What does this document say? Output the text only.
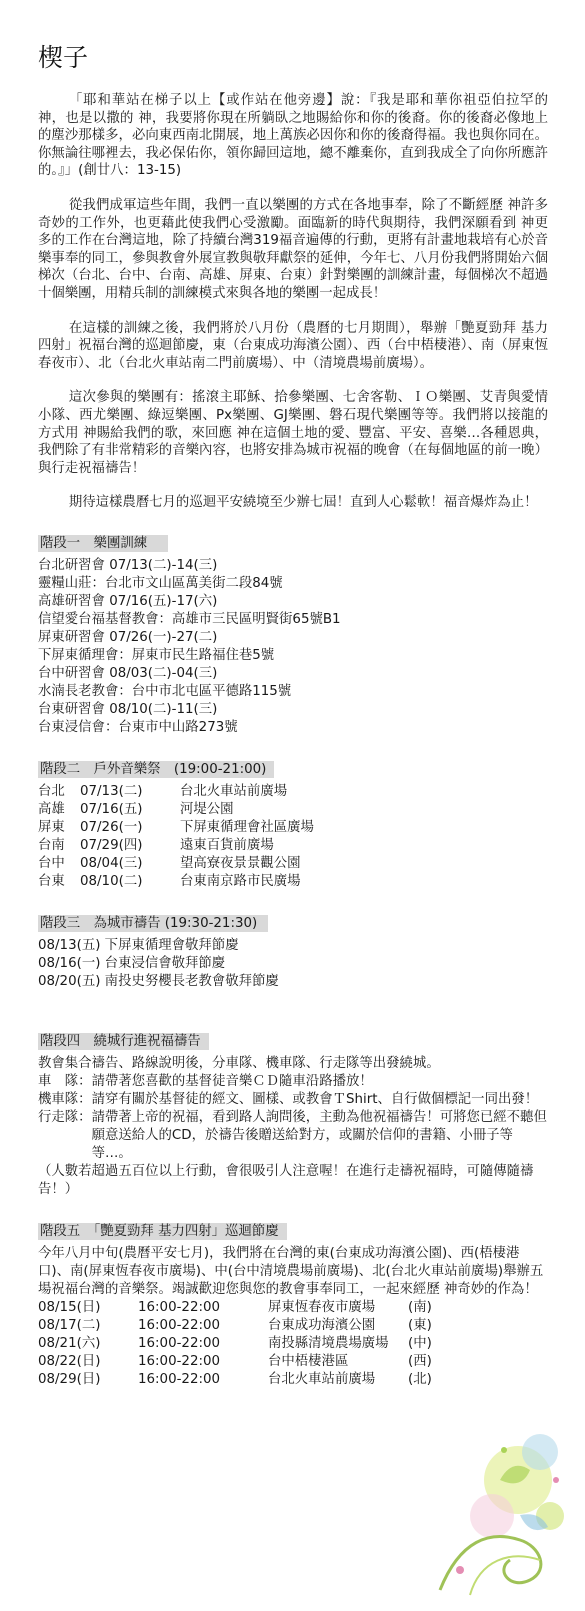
楔子

「耶和華站在梯子以上【或作站在他旁邊】說：『我是耶和華你祖亞伯拉罕的 神，也是以撒的 神，我要將你現在所躺臥之地賜給你和你的後裔。你的後裔必像地上的塵沙那樣多，必向東西南北開展，地上萬族必因你和你的後裔得福。我也與你同在。你無論往哪裡去，我必保佑你，領你歸回這地，總不離棄你，直到我成全了向你所應許的。』」(創廿八：13-15)

從我們成軍這些年間，我們一直以樂團的方式在各地事奉，除了不斷經歷 神許多奇妙的工作外，也更藉此使我們心受激勵。面臨新的時代與期待，我們深願看到 神更多的工作在台灣這地，除了持續台灣319福音遍傳的行動，更將有計畫地栽培有心於音樂事奉的同工，參與教會外展宣教與敬拜獻祭的延伸，今年七、八月份我們將開始六個梯次（台北、台中、台南、高雄、屏東、台東）針對樂團的訓練計畫，每個梯次不超過十個樂團，用精兵制的訓練模式來與各地的樂團一起成長！

在這樣的訓練之後，我們將於八月份（農曆的七月期間），舉辦「艷夏勁拜 基力四射」祝福台灣的巡迴節慶，東（台東成功海濱公園）、西（台中梧棲港）、南（屏東恆春夜市）、北（台北火車站南二門前廣場）、中（清境農場前廣場）。

這次參與的樂團有：搖滾主耶穌、拾參樂團、七舍客勒、ＩＯ樂團、艾青與愛情小隊、西尤樂團、綠逗樂團、Px樂團、GJ樂團、磐石現代樂團等等。我們將以接龍的方式用 神賜給我們的歌，來回應 神在這個土地的愛、豐富、平安、喜樂…各種恩典，我們除了有非常精彩的音樂內容，也將安排為城市祝福的晚會（在每個地區的前一晚）與行走祝福禱告！

期待這樣農曆七月的巡迴平安繞境至少辦七屆！直到人心鬆軟！福音爆炸為止！

階段一　樂團訓練
台北研習會 07/13(二)-14(三)
靈糧山莊：台北市文山區萬美街二段84號
高雄研習會 07/16(五)-17(六)
信望愛台福基督教會：高雄市三民區明賢街65號B1
屏東研習會 07/26(一)-27(二)
下屏東循理會：屏東市民生路福住巷5號
台中研習會 08/03(二)-04(三)
水湳長老教會：台中市北屯區平德路115號
台東研習會 08/10(二)-11(三)
台東浸信會：台東市中山路273號
階段二　戶外音樂祭　(19:00-21:00)
台北	07/13(二)	台北火車站前廣場
高雄	07/16(五)	河堤公園
屏東	07/26(一)	下屏東循理會社區廣場
台南	07/29(四)	遠東百貨前廣場
台中	08/04(三)	望高寮夜景景觀公園
台東	08/10(二)	台東南京路市民廣場
階段三　為城市禱告 (19:30-21:30)
08/13(五) 下屏東循理會敬拜節慶
08/16(一) 台東浸信會敬拜節慶
08/20(五) 南投史努櫻長老教會敬拜節慶
階段四　繞城行進祝福禱告
教會集合禱告、路線說明後，分車隊、機車隊、行走隊等出發繞城。
車　隊： 請帶著您喜歡的基督徒音樂ＣＤ隨車沿路播放！
機車隊： 請穿有關於基督徒的經文、圖樣、或教會ＴShirt、自行做個標記一同出發！
行走隊： 請帶著上帝的祝福，看到路人詢問後，主動為他祝福禱告！可將您已經不聽但願意送給人的CD，於禱告後贈送給對方，或關於信仰的書籍、小冊子等等…。
（人數若超過五百位以上行動，會很吸引人注意喔！在進行走禱祝福時，可隨傳隨禱告！）
階段五　「艷夏勁拜 基力四射」巡迴節慶
今年八月中旬(農曆平安七月)，我們將在台灣的東(台東成功海濱公園)、西(梧棲港口)、南(屏東恆春夜市廣場)、中(台中清境農場前廣場)、北(台北火車站前廣場)舉辦五場祝福台灣的音樂祭。竭誠歡迎您與您的教會事奉同工，一起來經歷 神奇妙的作為！
08/15(日)	16:00-22:00	屏東恆春夜市廣場	(南)
08/17(二)	16:00-22:00	台東成功海濱公園	(東)
08/21(六)	16:00-22:00	南投縣清境農場廣場	(中)
08/22(日)	16:00-22:00	台中梧棲港區	(西)
08/29(日)	16:00-22:00	台北火車站前廣場	(北)
